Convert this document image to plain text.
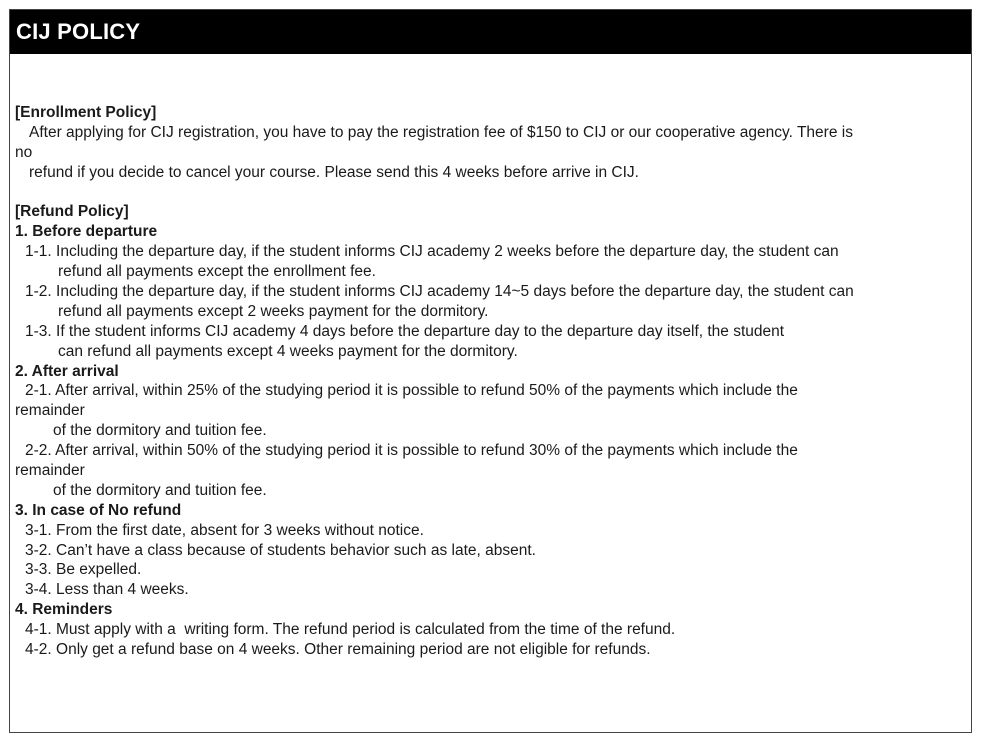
CIJ POLICY
[Enrollment Policy]
After applying for CIJ registration, you have to pay the registration fee of $150 to CIJ or our cooperative agency. There is
no
refund if you decide to cancel your course. Please send this 4 weeks before arrive in CIJ.
[Refund Policy]
1. Before departure
1-1. Including the departure day, if the student informs CIJ academy 2 weeks before the departure day, the student can
refund all payments except the enrollment fee.
1-2. Including the departure day, if the student informs CIJ academy 14~5 days before the departure day, the student can
refund all payments except 2 weeks payment for the dormitory.
1-3. If the student informs CIJ academy 4 days before the departure day to the departure day itself, the student
can refund all payments except 4 weeks payment for the dormitory.
2. After arrival
2-1. After arrival, within 25% of the studying period it is possible to refund 50% of the payments which include the
remainder
of the dormitory and tuition fee.
2-2. After arrival, within 50% of the studying period it is possible to refund 30% of the payments which include the
remainder
of the dormitory and tuition fee.
3. In case of No refund
3-1. From the first date, absent for 3 weeks without notice.
3-2. Can’t have a class because of students behavior such as late, absent.
3-3. Be expelled.
3-4. Less than 4 weeks.
4. Reminders
4-1. Must apply with a  writing form. The refund period is calculated from the time of the refund.
4-2. Only get a refund base on 4 weeks. Other remaining period are not eligible for refunds.
